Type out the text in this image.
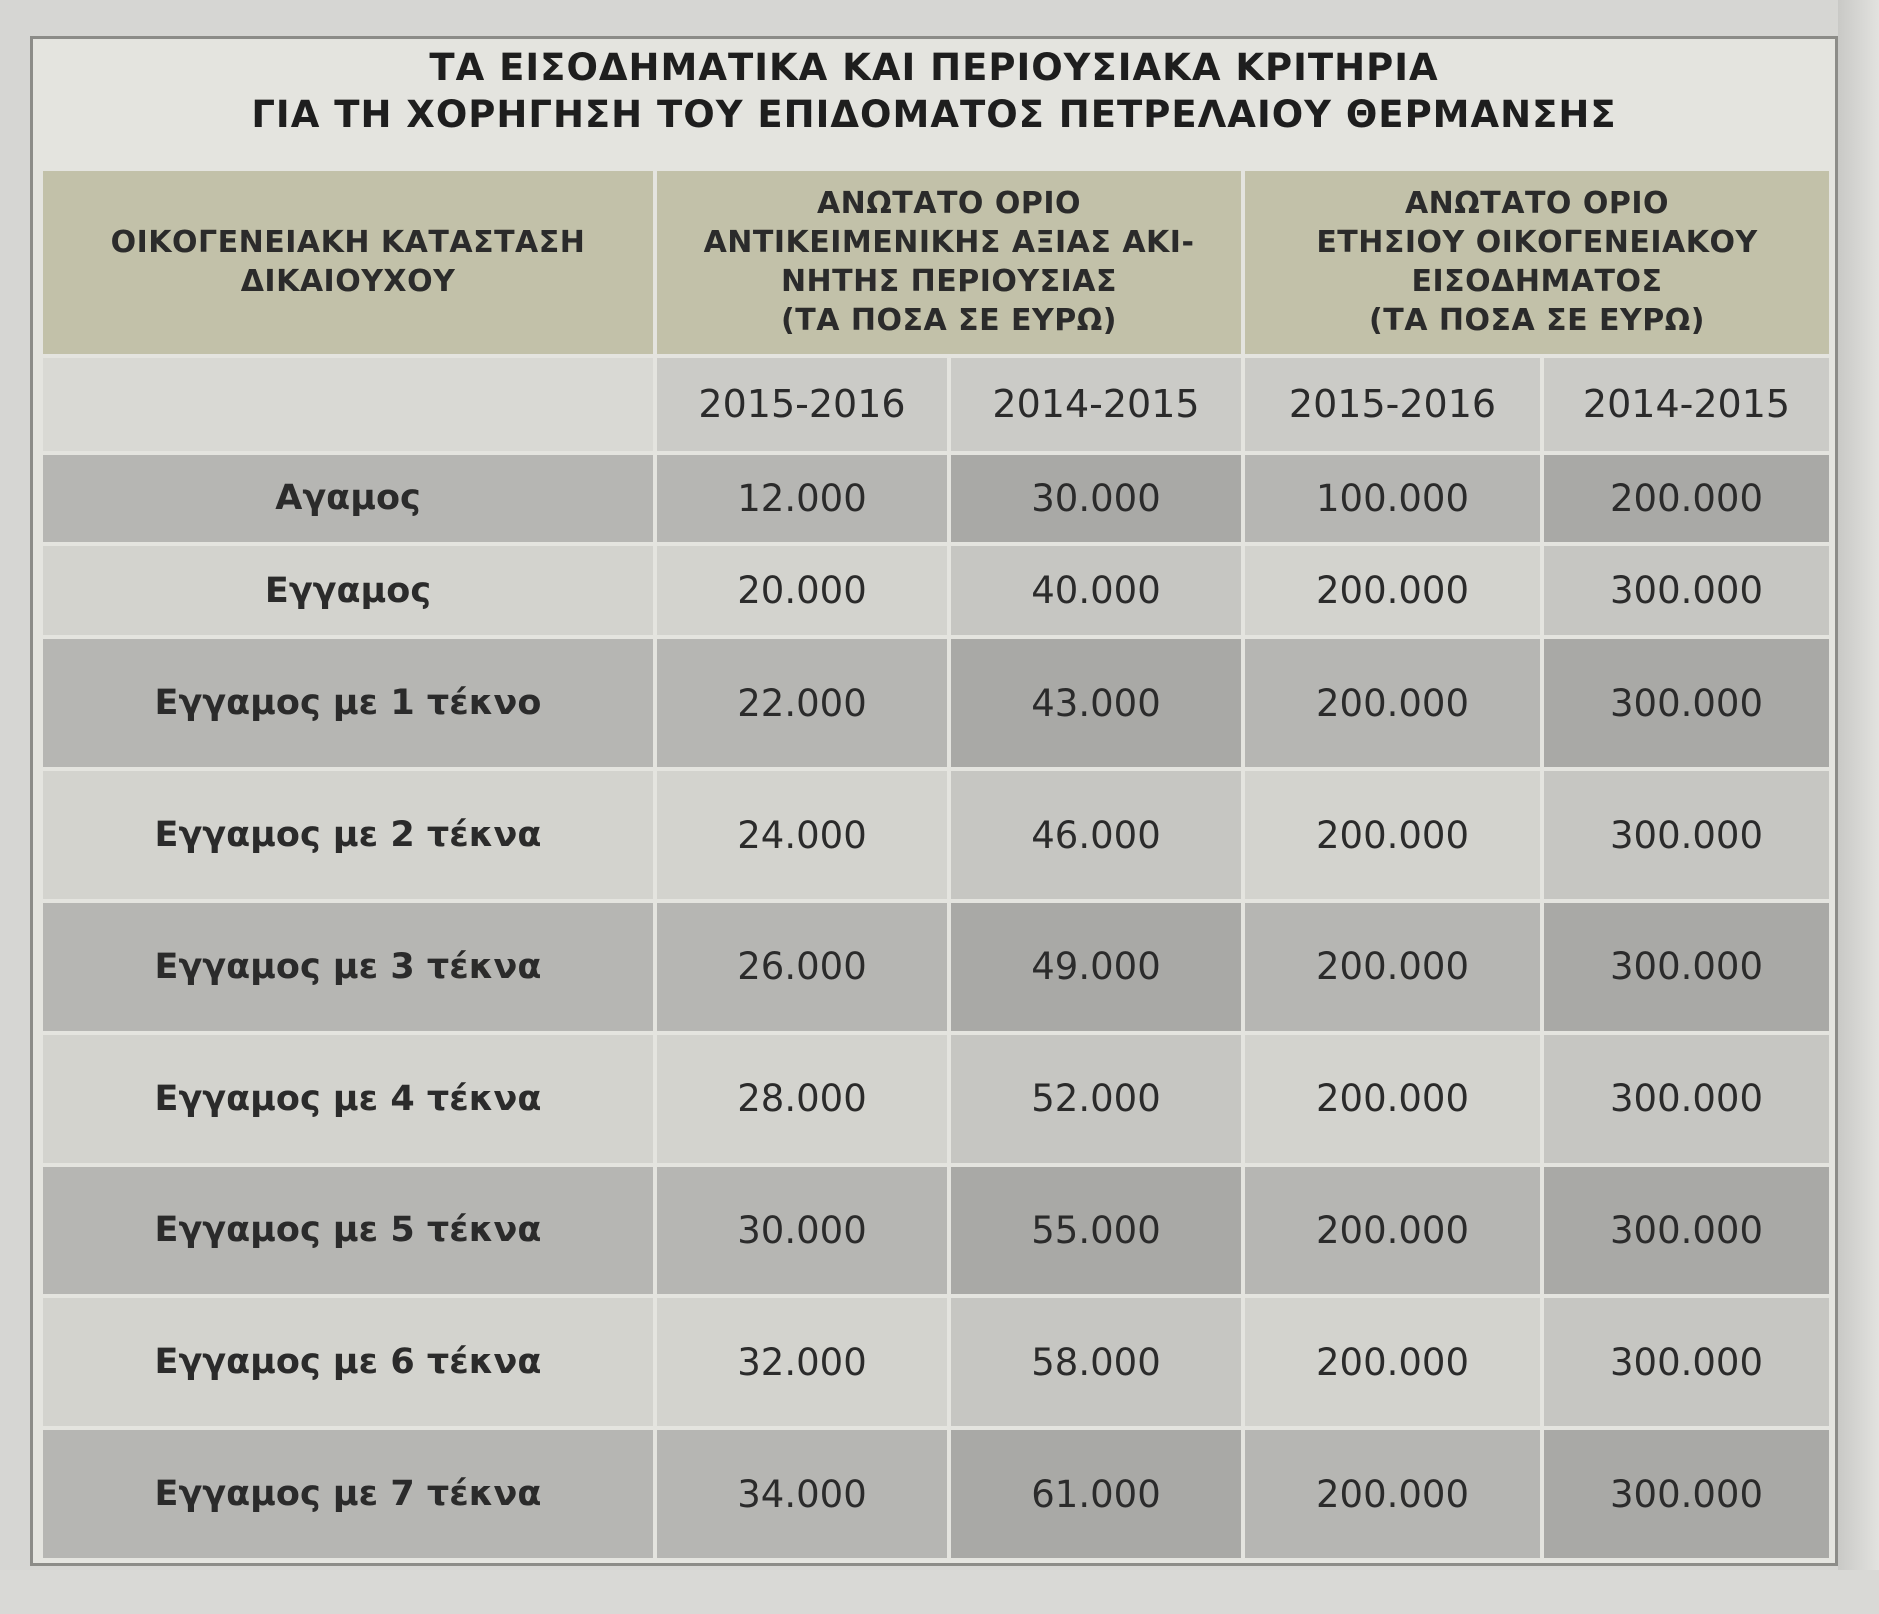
ΤΑ ΕΙΣΟΔΗΜΑΤΙΚΑ ΚΑΙ ΠΕΡΙΟΥΣΙΑΚΑ ΚΡΙΤΗΡΙΑ
ΓΙΑ ΤΗ ΧΟΡΗΓΗΣΗ ΤΟΥ ΕΠΙΔΟΜΑΤΟΣ ΠΕΤΡΕΛΑΙΟΥ ΘΕΡΜΑΝΣΗΣ
ΟΙΚΟΓΕΝΕΙΑΚΗ ΚΑΤΑΣΤΑΣΗ
ΔΙΚΑΙΟΥΧΟΥ	ΑΝΩΤΑΤΟ ΟΡΙΟ
ΑΝΤΙΚΕΙΜΕΝΙΚΗΣ ΑΞΙΑΣ ΑΚΙ-
ΝΗΤΗΣ ΠΕΡΙΟΥΣΙΑΣ
(ΤΑ ΠΟΣΑ ΣΕ ΕΥΡΩ)		ΑΝΩΤΑΤΟ ΟΡΙΟ
ΕΤΗΣΙΟΥ ΟΙΚΟΓΕΝΕΙΑΚΟΥ
ΕΙΣΟΔΗΜΑΤΟΣ
(ΤΑ ΠΟΣΑ ΣΕ ΕΥΡΩ)	

	2015-2016	2014-2015	2015-2016	2014-2015
Αγαμος	12.000	30.000	100.000	200.000
Εγγαμος	20.000	40.000	200.000	300.000
Εγγαμος με 1 τέκνο	22.000	43.000	200.000	300.000
Εγγαμος με 2 τέκνα	24.000	46.000	200.000	300.000
Εγγαμος με 3 τέκνα	26.000	49.000	200.000	300.000
Εγγαμος με 4 τέκνα	28.000	52.000	200.000	300.000
Εγγαμος με 5 τέκνα	30.000	55.000	200.000	300.000
Εγγαμος με 6 τέκνα	32.000	58.000	200.000	300.000
Εγγαμος με 7 τέκνα	34.000	61.000	200.000	300.000
